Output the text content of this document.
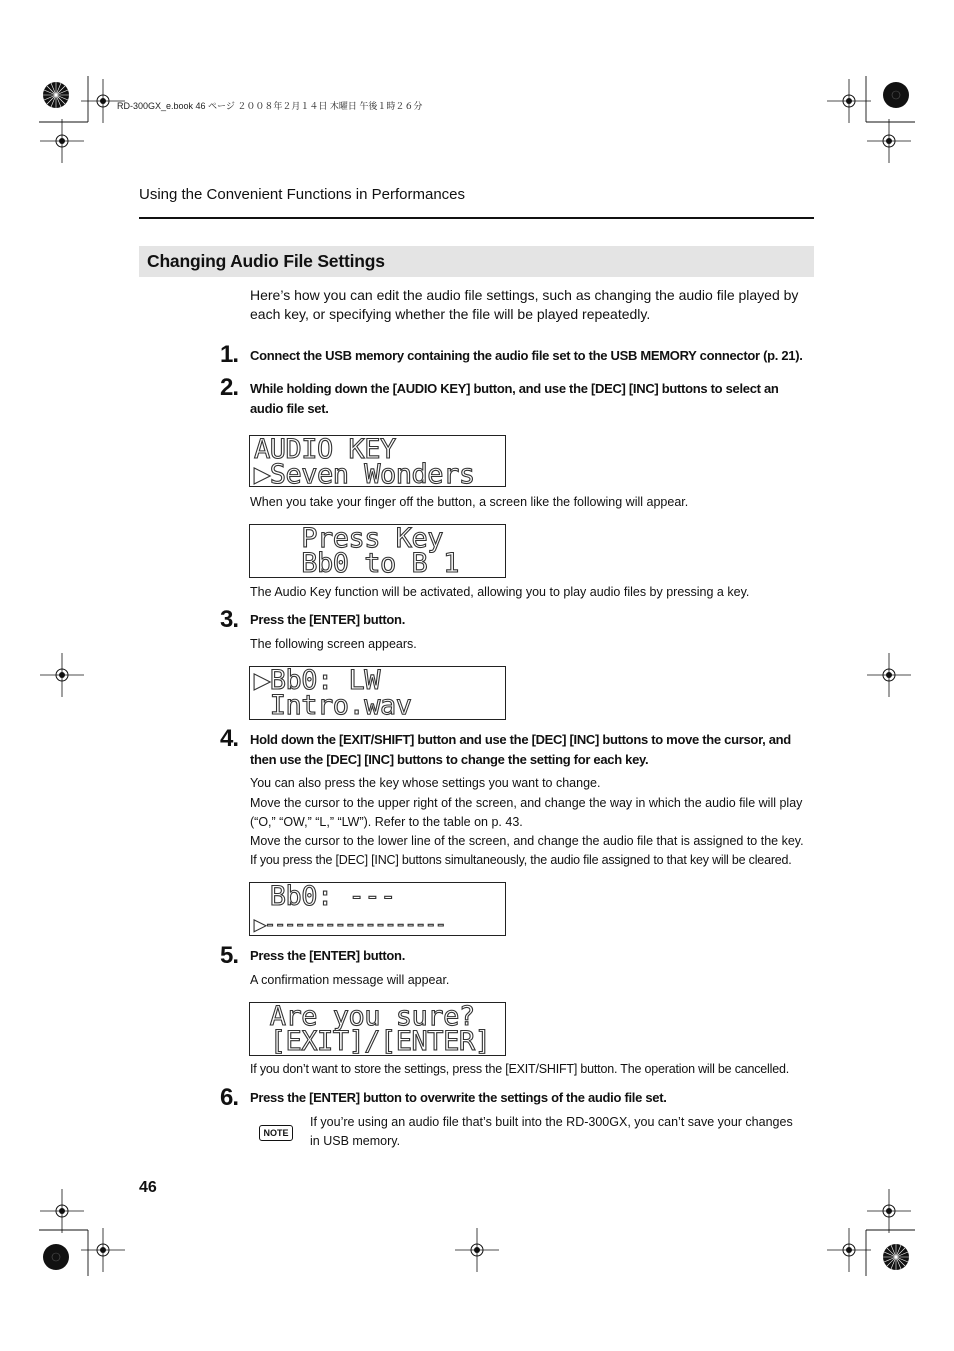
RD-300GX_e.book 46 ページ ２００８年２月１４日 木曜日 午後１時２６分
Using the Convenient Functions in Performances
Changing Audio File Settings
Here’s how you can edit the audio file settings, such as changing the audio file played by each key, or specifying whether the file will be played repeatedly.
1. Connect the USB memory containing the audio file set to the USB MEMORY connector (p. 21).
2. While holding down the [AUDIO KEY] button, and use the [DEC] [INC] buttons to select an audio file set.
AUDIO KEY
▶Seven Wonders
When you take your finger off the button, a screen like the following will appear.
Press Key
Bb0 to B 1
The Audio Key function will be activated, allowing you to play audio files by pressing a key.
3. Press the [ENTER] button.
The following screen appears.
▶Bb0: LW
Intro.wav
4. Hold down the [EXIT/SHIFT] button and use the [DEC] [INC] buttons to move the cursor, and then use the [DEC] [INC] buttons to change the setting for each key.
You can also press the key whose settings you want to change.
Move the cursor to the upper right of the screen, and change the way in which the audio file will play (“O,” “OW,” “L,” “LW”). Refer to the table on p. 43.
Move the cursor to the lower line of the screen, and change the audio file that is assigned to the key.
If you press the [DEC] [INC] buttons simultaneously, the audio file assigned to that key will be cleared.
Bb0: ---
▶------------------
5. Press the [ENTER] button.
A confirmation message will appear.
Are you sure?
[EXIT]/[ENTER]
If you don’t want to store the settings, press the [EXIT/SHIFT] button. The operation will be cancelled.
6. Press the [ENTER] button to overwrite the settings of the audio file set.
NOTE
If you’re using an audio file that’s built into the RD-300GX, you can’t save your changes in USB memory.
46
